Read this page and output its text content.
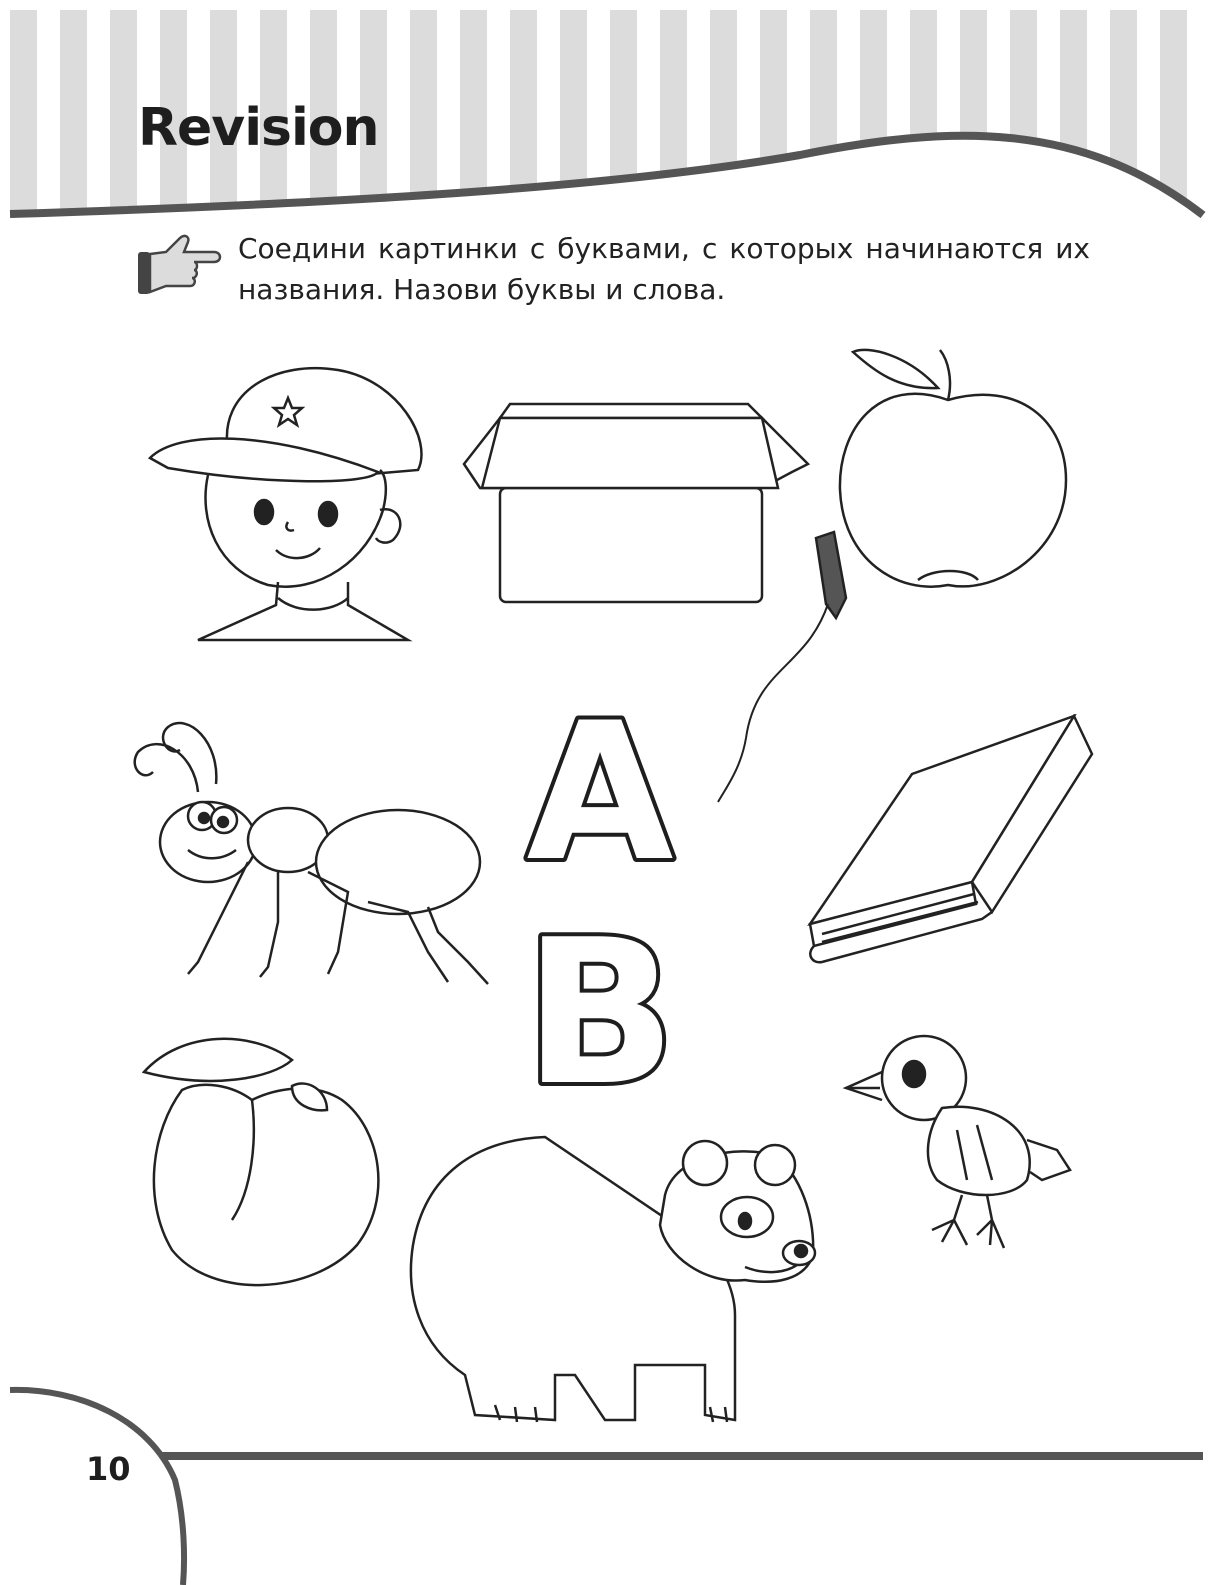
Revision
Соедини картинки с буквами, с которых начинаются их названия. Назови буквы и слова.
A
B
10
